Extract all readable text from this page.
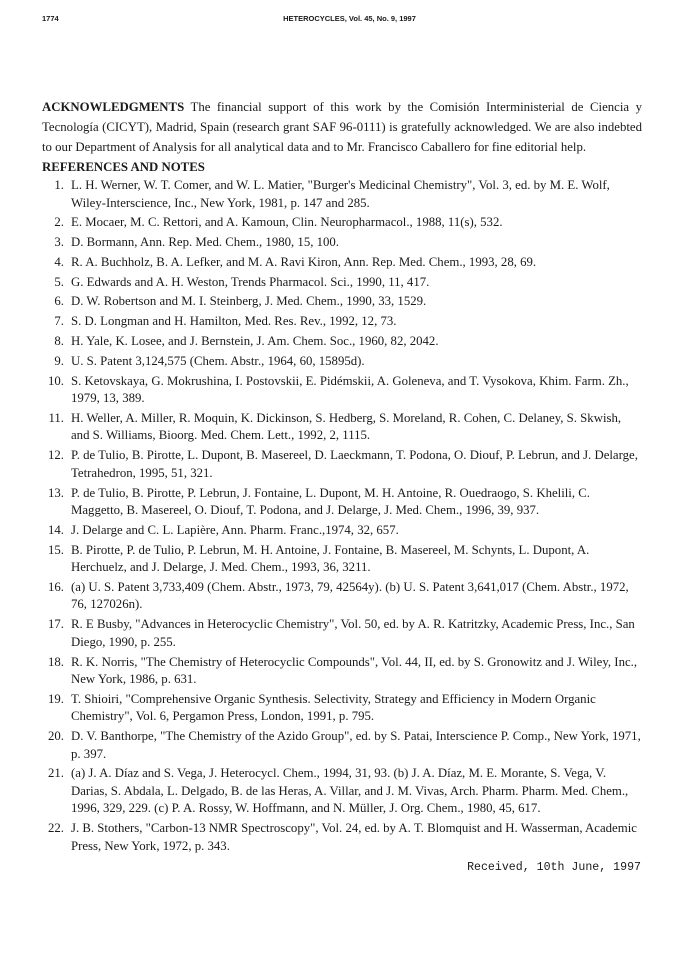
1774	HETEROCYCLES, Vol. 45, No. 9, 1997

ACKNOWLEDGMENTS The financial support of this work by the Comisión Interministerial de Ciencia y Tecnología (CICYT), Madrid, Spain (research grant SAF 96-0111) is gratefully acknowledged. We are also indebted to our Department of Analysis for all analytical data and to Mr. Francisco Caballero for fine editorial help.

REFERENCES AND NOTES
1. L. H. Werner, W. T. Comer, and W. L. Matier, "Burger's Medicinal Chemistry", Vol. 3, ed. by M. E. Wolf, Wiley-Interscience, Inc., New York, 1981, p. 147 and 285.
2. E. Mocaer, M. C. Rettori, and A. Kamoun, Clin. Neuropharmacol., 1988, 11(s), 532.
3. D. Bormann, Ann. Rep. Med. Chem., 1980, 15, 100.
4. R. A. Buchholz, B. A. Lefker, and M. A. Ravi Kiron, Ann. Rep. Med. Chem., 1993, 28, 69.
5. G. Edwards and A. H. Weston, Trends Pharmacol. Sci., 1990, 11, 417.
6. D. W. Robertson and M. I. Steinberg, J. Med. Chem., 1990, 33, 1529.
7. S. D. Longman and H. Hamilton, Med. Res. Rev., 1992, 12, 73.
8. H. Yale, K. Losee, and J. Bernstein, J. Am. Chem. Soc., 1960, 82, 2042.
9. U. S. Patent 3,124,575 (Chem. Abstr., 1964, 60, 15895d).
10. S. Ketovskaya, G. Mokrushina, I. Postovskii, E. Pidémskii, A. Goleneva, and T. Vysokova, Khim. Farm. Zh., 1979, 13, 389.
11. H. Weller, A. Miller, R. Moquin, K. Dickinson, S. Hedberg, S. Moreland, R. Cohen, C. Delaney, S. Skwish, and S. Williams, Bioorg. Med. Chem. Lett., 1992, 2, 1115.
12. P. de Tulio, B. Pirotte, L. Dupont, B. Masereel, D. Laeckmann, T. Podona, O. Diouf, P. Lebrun, and J. Delarge, Tetrahedron, 1995, 51, 321.
13. P. de Tulio, B. Pirotte, P. Lebrun, J. Fontaine, L. Dupont, M. H. Antoine, R. Ouedraogo, S. Khelili, C. Maggetto, B. Masereel, O. Diouf, T. Podona, and J. Delarge, J. Med. Chem., 1996, 39, 937.
14. J. Delarge and C. L. Lapière, Ann. Pharm. Franc.,1974, 32, 657.
15. B. Pirotte, P. de Tulio, P. Lebrun, M. H. Antoine, J. Fontaine, B. Masereel, M. Schynts, L. Dupont, A. Herchuelz, and J. Delarge, J. Med. Chem., 1993, 36, 3211.
16. (a) U. S. Patent 3,733,409 (Chem. Abstr., 1973, 79, 42564y). (b) U. S. Patent 3,641,017 (Chem. Abstr., 1972, 76, 127026n).
17. R. E Busby, "Advances in Heterocyclic Chemistry", Vol. 50, ed. by A. R. Katritzky, Academic Press, Inc., San Diego, 1990, p. 255.
18. R. K. Norris, "The Chemistry of Heterocyclic Compounds", Vol. 44, II, ed. by S. Gronowitz and J. Wiley, Inc., New York, 1986, p. 631.
19. T. Shioiri, "Comprehensive Organic Synthesis. Selectivity, Strategy and Efficiency in Modern Organic Chemistry", Vol. 6, Pergamon Press, London, 1991, p. 795.
20. D. V. Banthorpe, "The Chemistry of the Azido Group", ed. by S. Patai, Interscience P. Comp., New York, 1971, p. 397.
21. (a) J. A. Díaz and S. Vega, J. Heterocycl. Chem., 1994, 31, 93. (b) J. A. Díaz, M. E. Morante, S. Vega, V. Darias, S. Abdala, L. Delgado, B. de las Heras, A. Villar, and J. M. Vivas, Arch. Pharm. Pharm. Med. Chem., 1996, 329, 229. (c) P. A. Rossy, W. Hoffmann, and N. Müller, J. Org. Chem., 1980, 45, 617.
22. J. B. Stothers, "Carbon-13 NMR Spectroscopy", Vol. 24, ed. by A. T. Blomquist and H. Wasserman, Academic Press, New York, 1972, p. 343.
Received, 10th June, 1997
